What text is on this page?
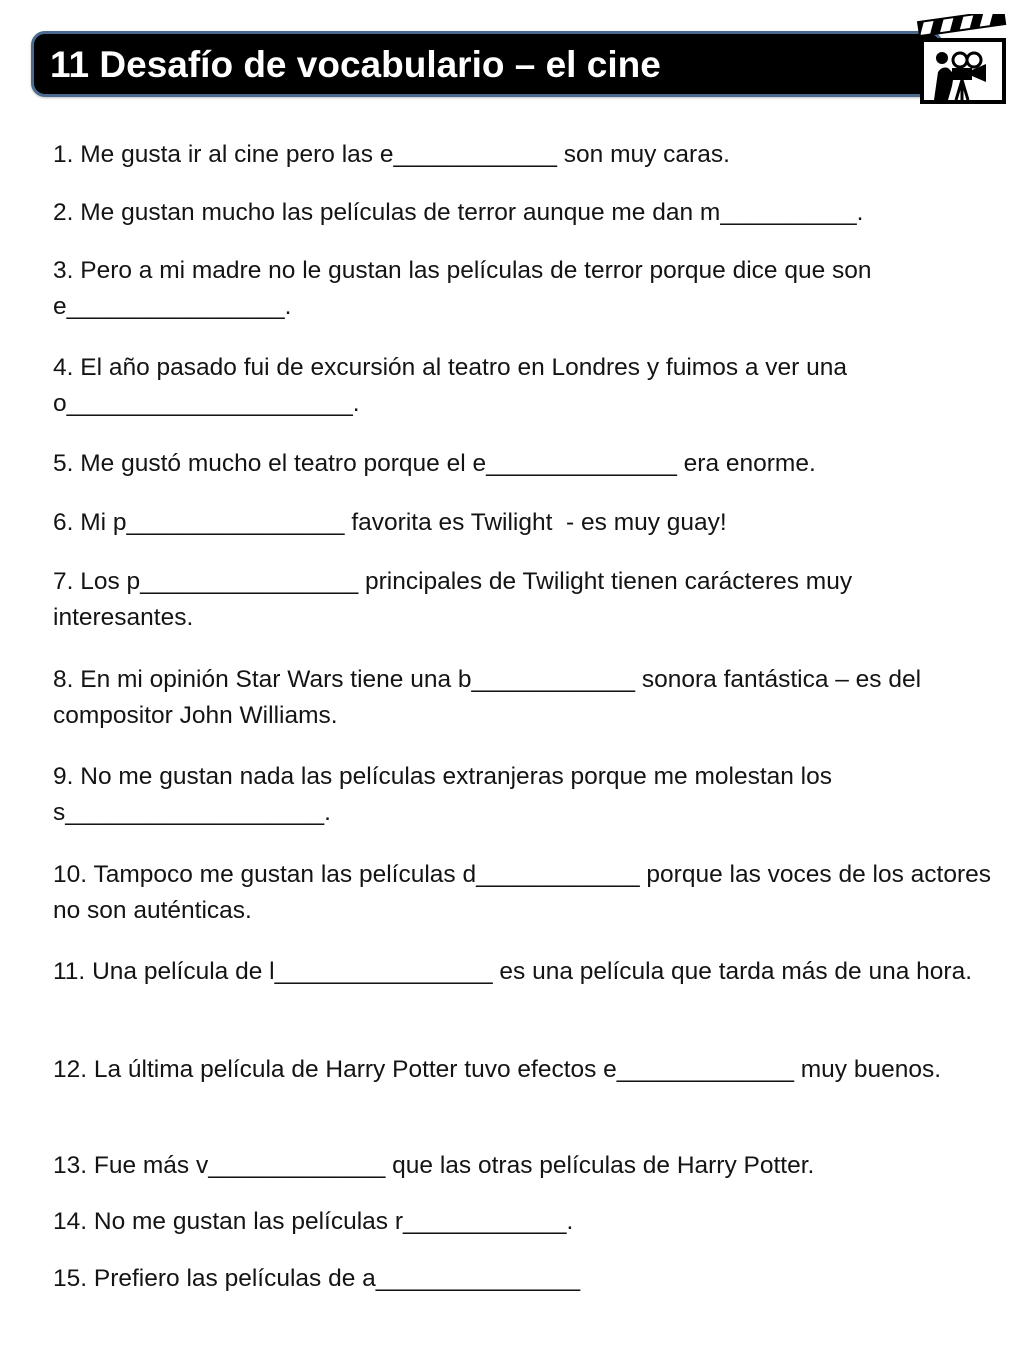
11 Desafío de vocabulario – el cine
1. Me gusta ir al cine pero las e____________ son muy caras.
2. Me gustan mucho las películas de terror aunque me dan m__________.
3. Pero a mi madre no le gustan las películas de terror porque dice que son e________________.
4. El año pasado fui de excursión al teatro en Londres y fuimos a ver una o_____________________.
5. Me gustó mucho el teatro porque el e______________ era enorme.
6. Mi p________________ favorita es Twilight  - es muy guay!
7. Los p________________ principales de Twilight tienen carácteres muy interesantes.
8. En mi opinión Star Wars tiene una b____________ sonora fantástica – es del compositor John Williams.
9. No me gustan nada las películas extranjeras porque me molestan los s___________________.
10. Tampoco me gustan las películas d____________ porque las voces de los actores no son auténticas.
11. Una película de l________________ es una película que tarda más de una hora.
12. La última película de Harry Potter tuvo efectos e_____________ muy buenos.
13. Fue más v_____________ que las otras películas de Harry Potter.
14. No me gustan las películas r____________.
15. Prefiero las películas de a_______________
